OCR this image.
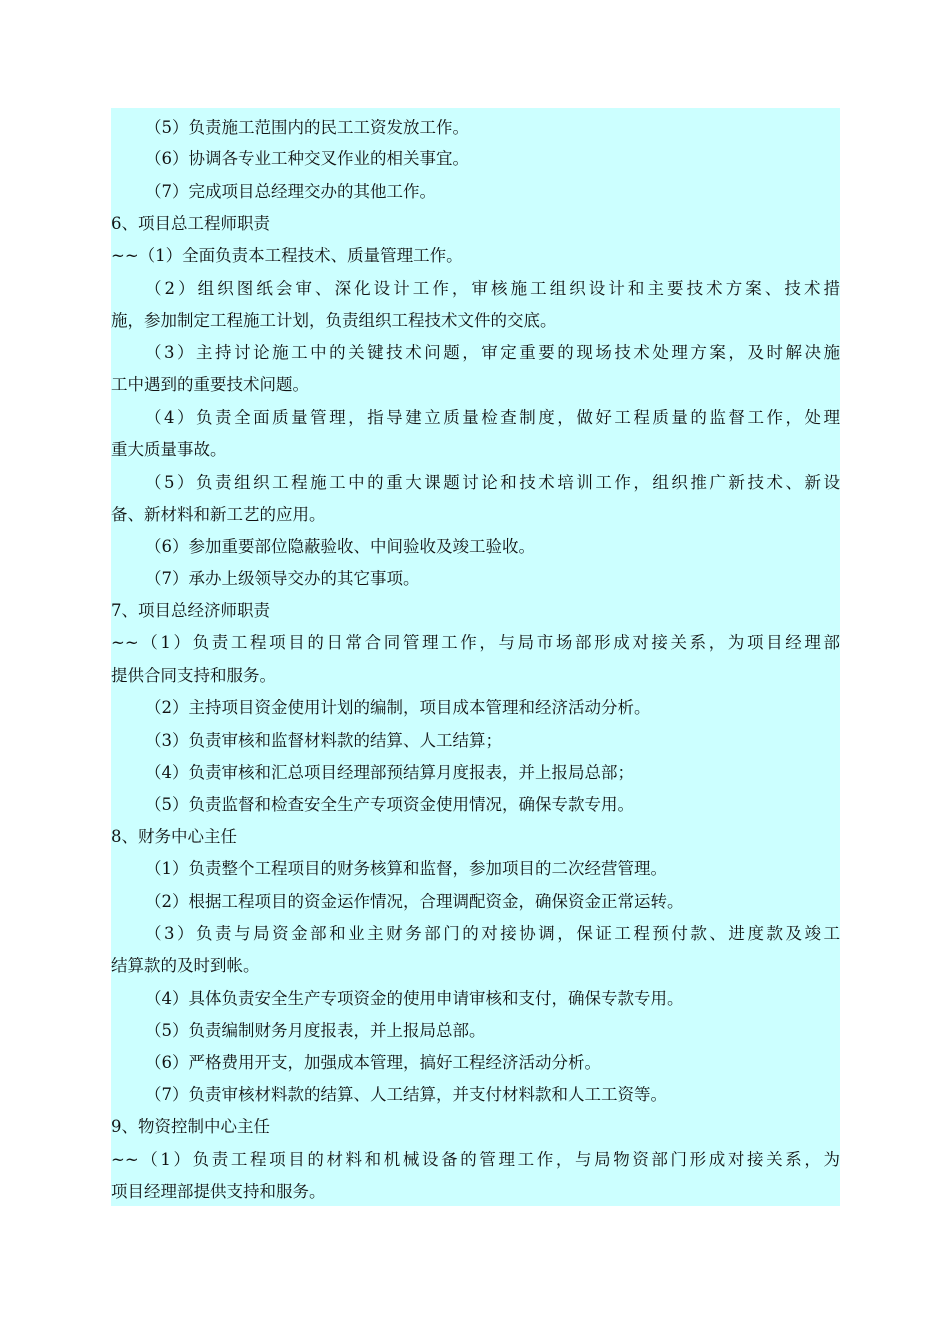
（5）负责施工范围内的民工工资发放工作。
（6）协调各专业工种交叉作业的相关事宜。
（7）完成项目总经理交办的其他工作。
6、项目总工程师职责
~~（1）全面负责本工程技术、质量管理工作。
（2）组织图纸会审、深化设计工作，审核施工组织设计和主要技术方案、技术措
施，参加制定工程施工计划，负责组织工程技术文件的交底。
（3）主持讨论施工中的关键技术问题，审定重要的现场技术处理方案，及时解决施
工中遇到的重要技术问题。
（4）负责全面质量管理，指导建立质量检查制度，做好工程质量的监督工作，处理
重大质量事故。
（5）负责组织工程施工中的重大课题讨论和技术培训工作，组织推广新技术、新设
备、新材料和新工艺的应用。
（6）参加重要部位隐蔽验收、中间验收及竣工验收。
（7）承办上级领导交办的其它事项。
7、项目总经济师职责
~~（1）负责工程项目的日常合同管理工作，与局市场部形成对接关系，为项目经理部
提供合同支持和服务。
（2）主持项目资金使用计划的编制，项目成本管理和经济活动分析。
（3）负责审核和监督材料款的结算、人工结算；
（4）负责审核和汇总项目经理部预结算月度报表，并上报局总部；
（5）负责监督和检查安全生产专项资金使用情况，确保专款专用。
8、财务中心主任
（1）负责整个工程项目的财务核算和监督，参加项目的二次经营管理。
（2）根据工程项目的资金运作情况，合理调配资金，确保资金正常运转。
（3）负责与局资金部和业主财务部门的对接协调，保证工程预付款、进度款及竣工
结算款的及时到帐。
（4）具体负责安全生产专项资金的使用申请审核和支付，确保专款专用。
（5）负责编制财务月度报表，并上报局总部。
（6）严格费用开支，加强成本管理，搞好工程经济活动分析。
（7）负责审核材料款的结算、人工结算，并支付材料款和人工工资等。
9、物资控制中心主任
~~（1）负责工程项目的材料和机械设备的管理工作，与局物资部门形成对接关系，为
项目经理部提供支持和服务。
